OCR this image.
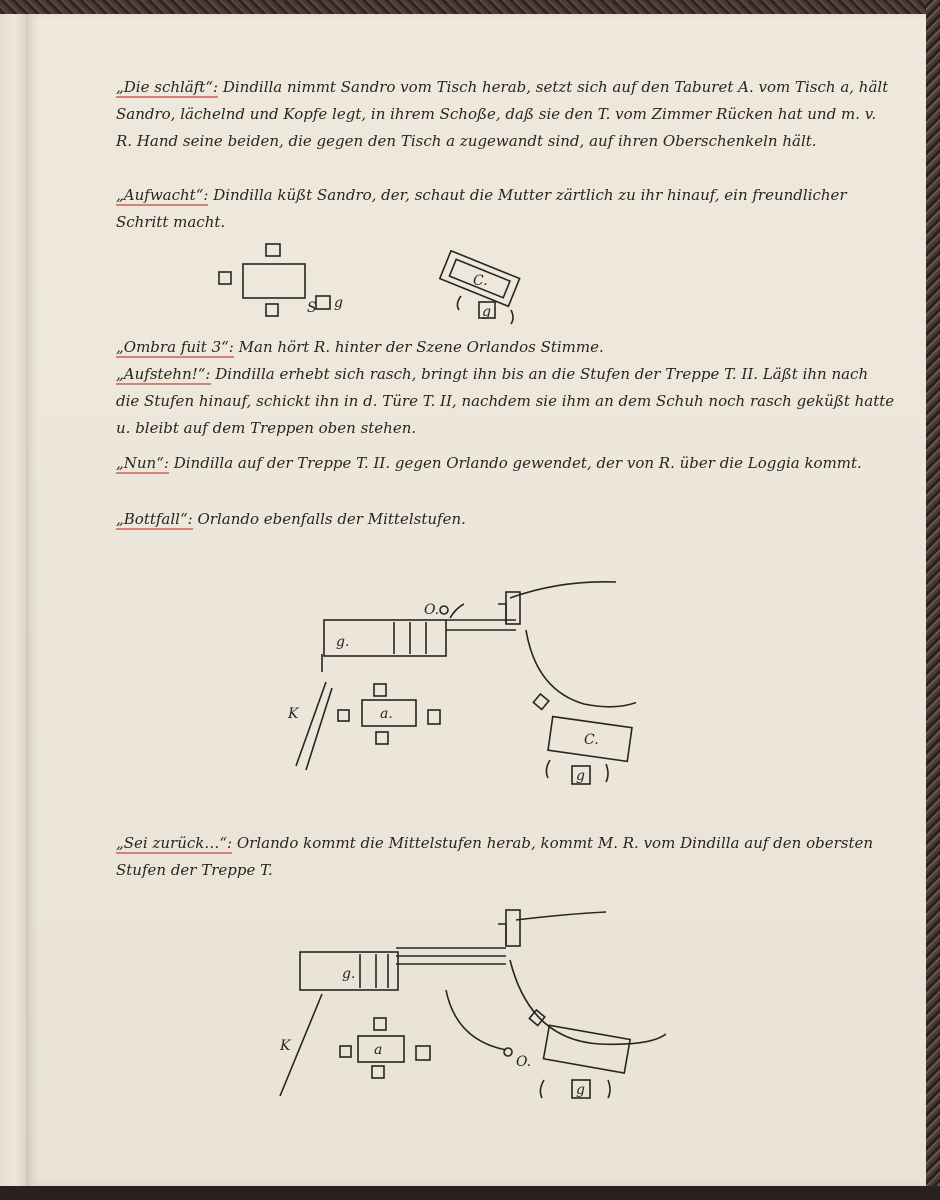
„Die schläft“: Dindilla nimmt Sandro vom Tisch herab, setzt sich auf den Taburet A. vom Tisch a, hält Sandro, lächelnd und Kopfe legt, in ihrem Schoße, daß sie den T. vom Zimmer Rücken hat und m. v. R. Hand seine beiden, die gegen den Tisch a zugewandt sind, auf ihren Oberschenkeln hält.
„Aufwacht“: Dindilla küßt Sandro, der, schaut die Mutter zärtlich zu ihr hinauf, ein freundlicher Schritt macht.
S g
C.
g
„Ombra fuit 3“: Man hört R. hinter der Szene Orlandos Stimme.
„Aufstehn!“: Dindilla erhebt sich rasch, bringt ihn bis an die Stufen der Treppe T. II. Läßt ihn nach die Stufen hinauf, schickt ihn in d. Türe T. II, nachdem sie ihm an dem Schuh noch rasch geküßt hatte u. bleibt auf dem Treppen oben stehen.
„Nun“: Dindilla auf der Treppe T. II. gegen Orlando gewendet, der von R. über die Loggia kommt.
„Bottfall“: Orlando ebenfalls der Mittelstufen.
g.
O.
a.
K
C.
g
„Sei zurück…“: Orlando kommt die Mittelstufen herab, kommt M. R. vom Dindilla auf den obersten Stufen der Treppe T.
g.
a
O.
K
g
